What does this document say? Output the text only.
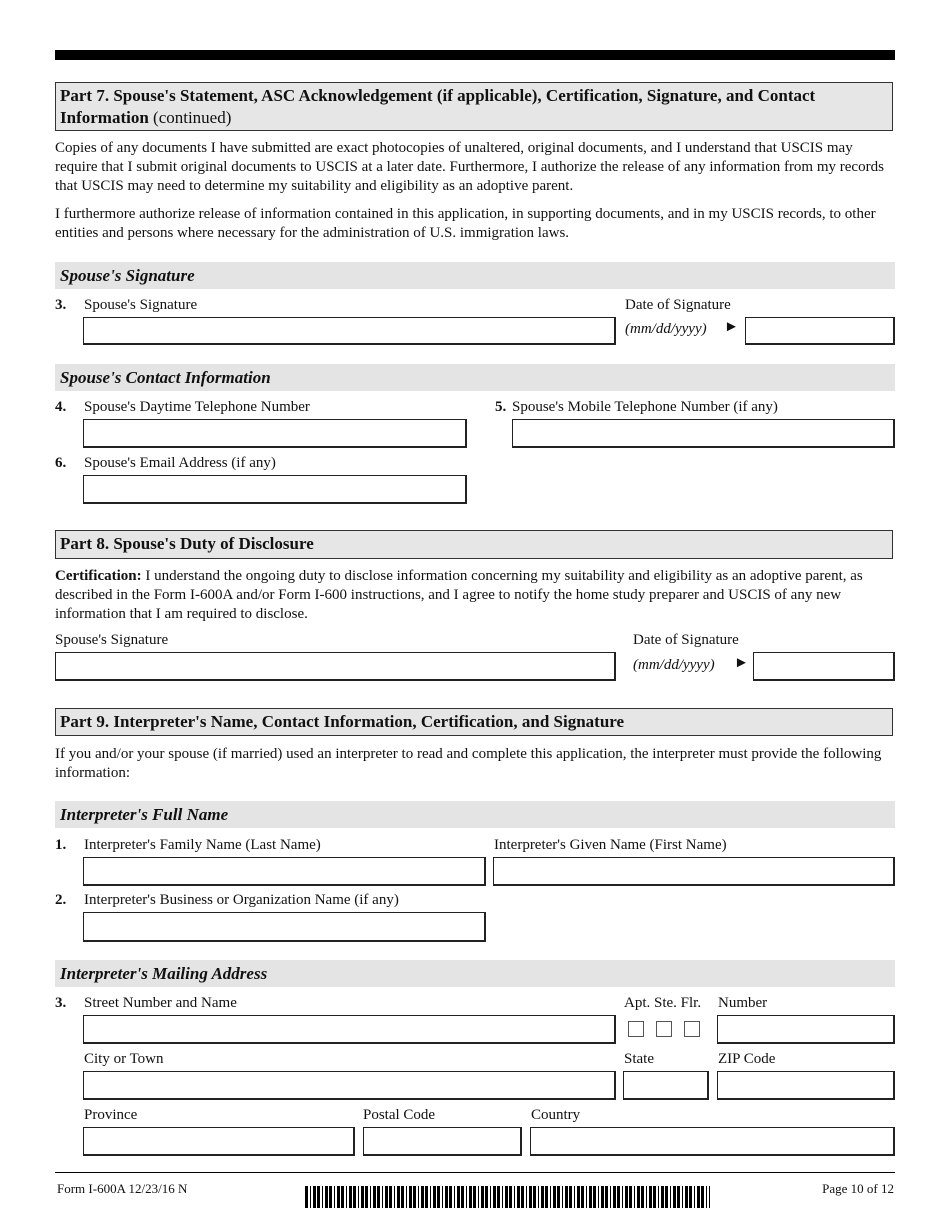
Part 7. Spouse's Statement, ASC Acknowledgement (if applicable), Certification, Signature, and Contact Information (continued)
Copies of any documents I have submitted are exact photocopies of unaltered, original documents, and I understand that USCIS may require that I submit original documents to USCIS at a later date. Furthermore, I authorize the release of any information from my records that USCIS may need to determine my suitability and eligibility as an adoptive parent.
I furthermore authorize release of information contained in this application, in supporting documents, and in my USCIS records, to other entities and persons where necessary for the administration of U.S. immigration laws.
Spouse's Signature
3. Spouse's Signature	Date of Signature
(mm/dd/yyyy) ►
Spouse's Contact Information
4. Spouse's Daytime Telephone Number	5. Spouse's Mobile Telephone Number (if any)
6. Spouse's Email Address (if any)
Part 8. Spouse's Duty of Disclosure
Certification: I understand the ongoing duty to disclose information concerning my suitability and eligibility as an adoptive parent, as described in the Form I-600A and/or Form I-600 instructions, and I agree to notify the home study preparer and USCIS of any new information that I am required to disclose.
Spouse's Signature	Date of Signature
(mm/dd/yyyy) ►
Part 9. Interpreter's Name, Contact Information, Certification, and Signature
If you and/or your spouse (if married) used an interpreter to read and complete this application, the interpreter must provide the following information:
Interpreter's Full Name
1. Interpreter's Family Name (Last Name)	Interpreter's Given Name (First Name)
2. Interpreter's Business or Organization Name (if any)
Interpreter's Mailing Address
3. Street Number and Name	Apt. Ste. Flr. Number
City or Town	State	ZIP Code
Province	Postal Code	Country
Form I-600A 12/23/16 N	Page 10 of 12
